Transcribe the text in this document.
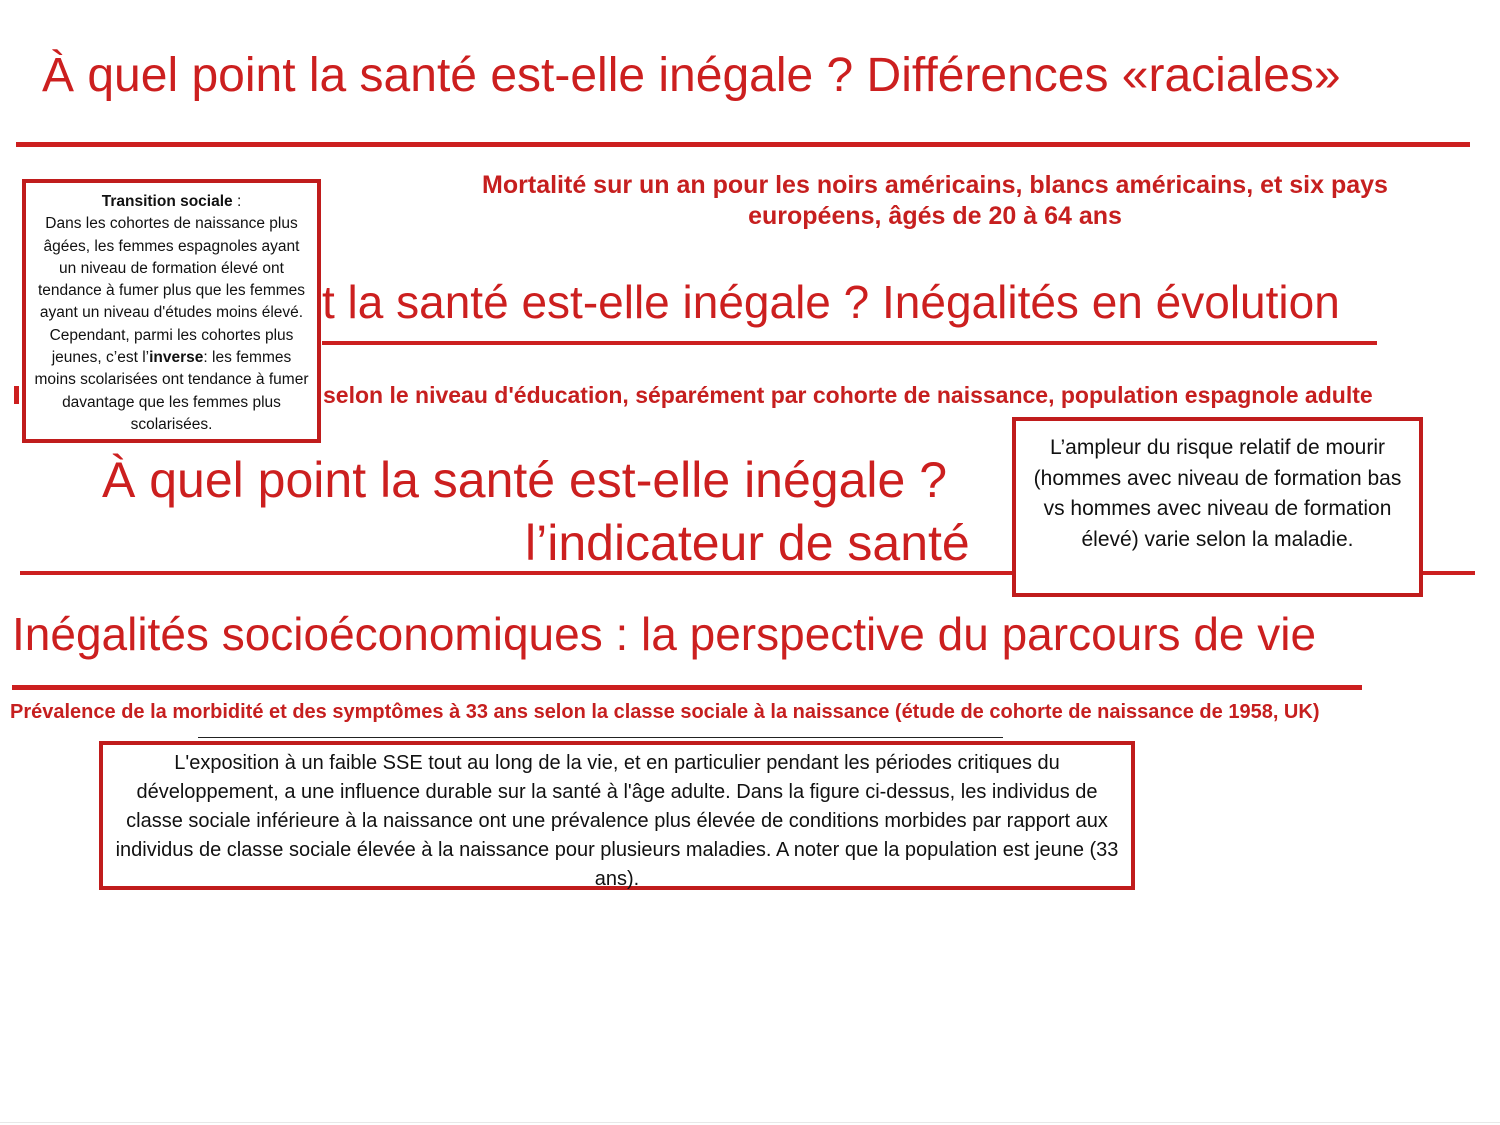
À quel point la santé est-elle inégale ? Différences «raciales»
Mortalité sur un an pour les noirs américains, blancs américains, et six pays européens, âgés de 20 à 64 ans
t la santé est-elle inégale ? Inégalités en évolution
selon le niveau d'éducation, séparément par cohorte de naissance, population espagnole adulte
À quel point la santé est-elle inégale ?
l’indicateur de santé
Inégalités socioéconomiques : la perspective du parcours de vie
Prévalence de la morbidité et des symptômes à 33 ans selon la classe sociale à la naissance (étude de cohorte de naissance de 1958, UK)
Transition sociale :
Dans les cohortes de naissance plus âgées, les femmes espagnoles ayant un niveau de formation élevé ont tendance à fumer plus que les femmes ayant un niveau d'études moins élevé. Cependant, parmi les cohortes plus jeunes, c’est l’inverse: les femmes moins scolarisées ont tendance à fumer davantage que les femmes plus scolarisées.
L’ampleur du risque relatif de mourir (hommes avec niveau de formation bas vs hommes avec niveau de formation élevé) varie selon la maladie.
L'exposition à un faible SSE tout au long de la vie, et en particulier pendant les périodes critiques du développement, a une influence durable sur la santé à l'âge adulte. Dans la figure ci-dessus, les individus de classe sociale inférieure à la naissance ont une prévalence plus élevée de conditions morbides par rapport aux individus de classe sociale élevée à la naissance pour plusieurs maladies. A noter que la population est jeune (33 ans).
